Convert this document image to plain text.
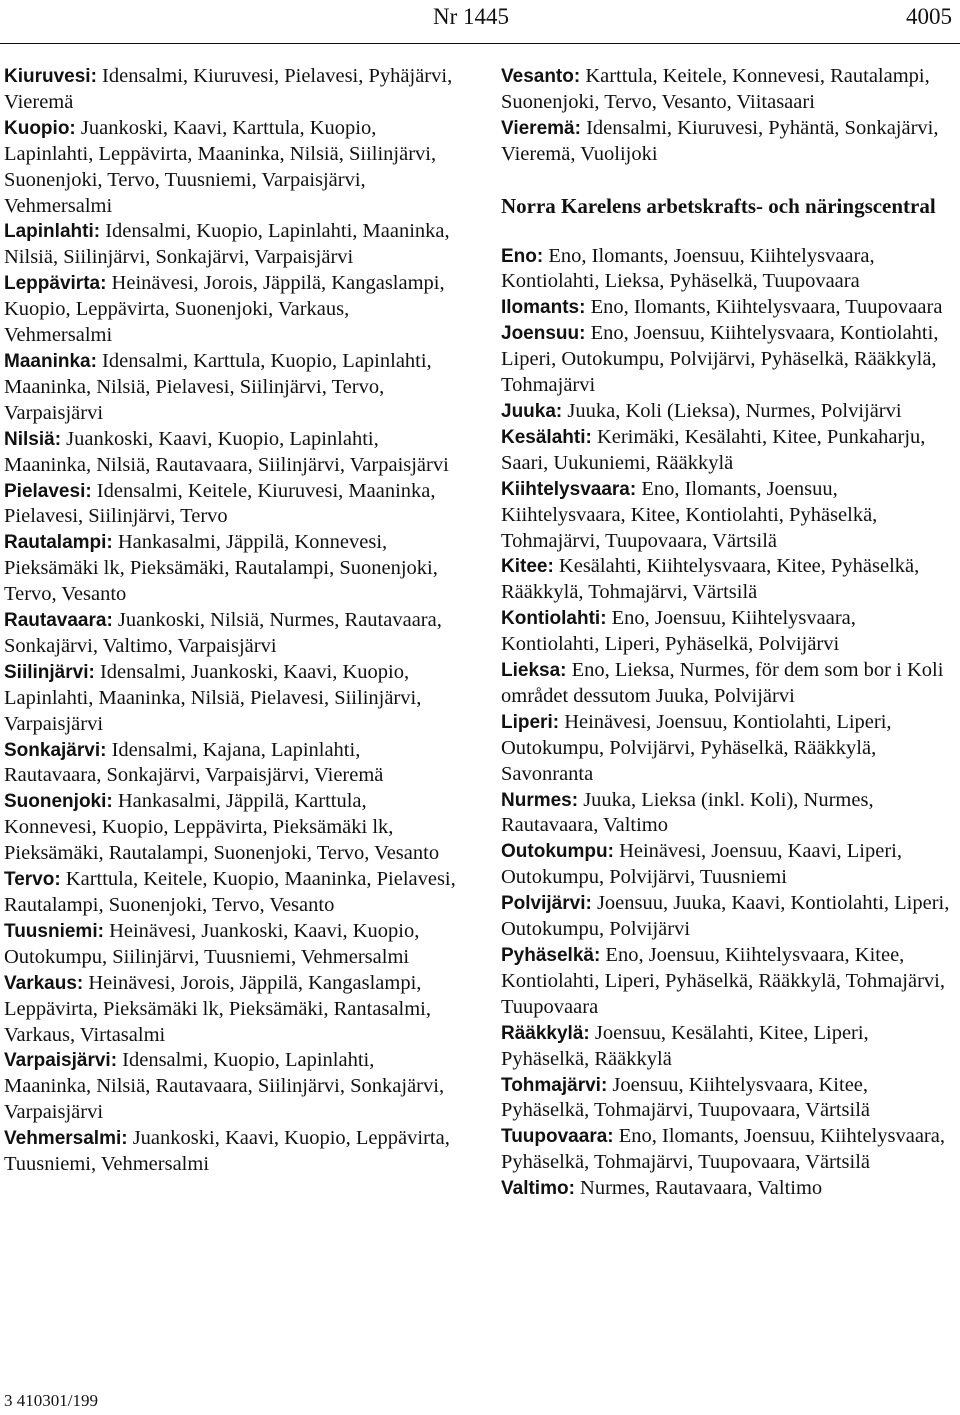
Nr 1445	4005

Kiuruvesi: Idensalmi, Kiuruvesi, Pielavesi, Pyhäjärvi, Vieremä

Kuopio: Juankoski, Kaavi, Karttula, Kuopio, Lapinlahti, Leppävirta, Maaninka, Nilsiä, Siilinjärvi, Suonenjoki, Tervo, Tuusniemi, Varpaisjärvi, Vehmersalmi

Lapinlahti: Idensalmi, Kuopio, Lapinlahti, Maaninka, Nilsiä, Siilinjärvi, Sonkajärvi, Varpaisjärvi

Leppävirta: Heinävesi, Jorois, Jäppilä, Kangaslampi, Kuopio, Leppävirta, Suonenjoki, Varkaus, Vehmersalmi

Maaninka: Idensalmi, Karttula, Kuopio, Lapinlahti, Maaninka, Nilsiä, Pielavesi, Siilinjärvi, Tervo, Varpaisjärvi

Nilsiä: Juankoski, Kaavi, Kuopio, Lapinlahti, Maaninka, Nilsiä, Rautavaara, Siilinjärvi, Varpaisjärvi

Pielavesi: Idensalmi, Keitele, Kiuruvesi, Maaninka, Pielavesi, Siilinjärvi, Tervo

Rautalampi: Hankasalmi, Jäppilä, Konnevesi, Pieksämäki lk, Pieksämäki, Rautalampi, Suonenjoki, Tervo, Vesanto

Rautavaara: Juankoski, Nilsiä, Nurmes, Rautavaara, Sonkajärvi, Valtimo, Varpaisjärvi

Siilinjärvi: Idensalmi, Juankoski, Kaavi, Kuopio, Lapinlahti, Maaninka, Nilsiä, Pielavesi, Siilinjärvi, Varpaisjärvi

Sonkajärvi: Idensalmi, Kajana, Lapinlahti, Rautavaara, Sonkajärvi, Varpaisjärvi, Vieremä

Suonenjoki: Hankasalmi, Jäppilä, Karttula, Konnevesi, Kuopio, Leppävirta, Pieksämäki lk, Pieksämäki, Rautalampi, Suonenjoki, Tervo, Vesanto

Tervo: Karttula, Keitele, Kuopio, Maaninka, Pielavesi, Rautalampi, Suonenjoki, Tervo, Vesanto

Tuusniemi: Heinävesi, Juankoski, Kaavi, Kuopio, Outokumpu, Siilinjärvi, Tuusniemi, Vehmersalmi

Varkaus: Heinävesi, Jorois, Jäppilä, Kangaslampi, Leppävirta, Pieksämäki lk, Pieksämäki, Rantasalmi, Varkaus, Virtasalmi

Varpaisjärvi: Idensalmi, Kuopio, Lapinlahti, Maaninka, Nilsiä, Rautavaara, Siilinjärvi, Sonkajärvi, Varpaisjärvi

Vehmersalmi: Juankoski, Kaavi, Kuopio, Leppävirta, Tuusniemi, Vehmersalmi

Vesanto: Karttula, Keitele, Konnevesi, Rautalampi, Suonenjoki, Tervo, Vesanto, Viitasaari

Vieremä: Idensalmi, Kiuruvesi, Pyhäntä, Sonkajärvi, Vieremä, Vuolijoki

Norra Karelens arbetskrafts- och näringscentral

Eno: Eno, Ilomants, Joensuu, Kiihtelysvaara, Kontiolahti, Lieksa, Pyhäselkä, Tuupovaara

Ilomants: Eno, Ilomants, Kiihtelysvaara, Tuupovaara

Joensuu: Eno, Joensuu, Kiihtelysvaara, Kontiolahti, Liperi, Outokumpu, Polvijärvi, Pyhäselkä, Rääkkylä, Tohmajärvi

Juuka: Juuka, Koli (Lieksa), Nurmes, Polvijärvi

Kesälahti: Kerimäki, Kesälahti, Kitee, Punkaharju, Saari, Uukuniemi, Rääkkylä

Kiihtelysvaara: Eno, Ilomants, Joensuu, Kiihtelysvaara, Kitee, Kontiolahti, Pyhäselkä, Tohmajärvi, Tuupovaara, Värtsilä

Kitee: Kesälahti, Kiihtelysvaara, Kitee, Pyhäselkä, Rääkkylä, Tohmajärvi, Värtsilä

Kontiolahti: Eno, Joensuu, Kiihtelysvaara, Kontiolahti, Liperi, Pyhäselkä, Polvijärvi

Lieksa: Eno, Lieksa, Nurmes, för dem som bor i Koli området dessutom Juuka, Polvijärvi

Liperi: Heinävesi, Joensuu, Kontiolahti, Liperi, Outokumpu, Polvijärvi, Pyhäselkä, Rääkkylä, Savonranta

Nurmes: Juuka, Lieksa (inkl. Koli), Nurmes, Rautavaara, Valtimo

Outokumpu: Heinävesi, Joensuu, Kaavi, Liperi, Outokumpu, Polvijärvi, Tuusniemi

Polvijärvi: Joensuu, Juuka, Kaavi, Kontiolahti, Liperi, Outokumpu, Polvijärvi

Pyhäselkä: Eno, Joensuu, Kiihtelysvaara, Kitee, Kontiolahti, Liperi, Pyhäselkä, Rääkkylä, Tohmajärvi, Tuupovaara

Rääkkylä: Joensuu, Kesälahti, Kitee, Liperi, Pyhäselkä, Rääkkylä

Tohmajärvi: Joensuu, Kiihtelysvaara, Kitee, Pyhäselkä, Tohmajärvi, Tuupovaara, Värtsilä

Tuupovaara: Eno, Ilomants, Joensuu, Kiihtelysvaara, Pyhäselkä, Tohmajärvi, Tuupovaara, Värtsilä

Valtimo: Nurmes, Rautavaara, Valtimo

3 410301/199
